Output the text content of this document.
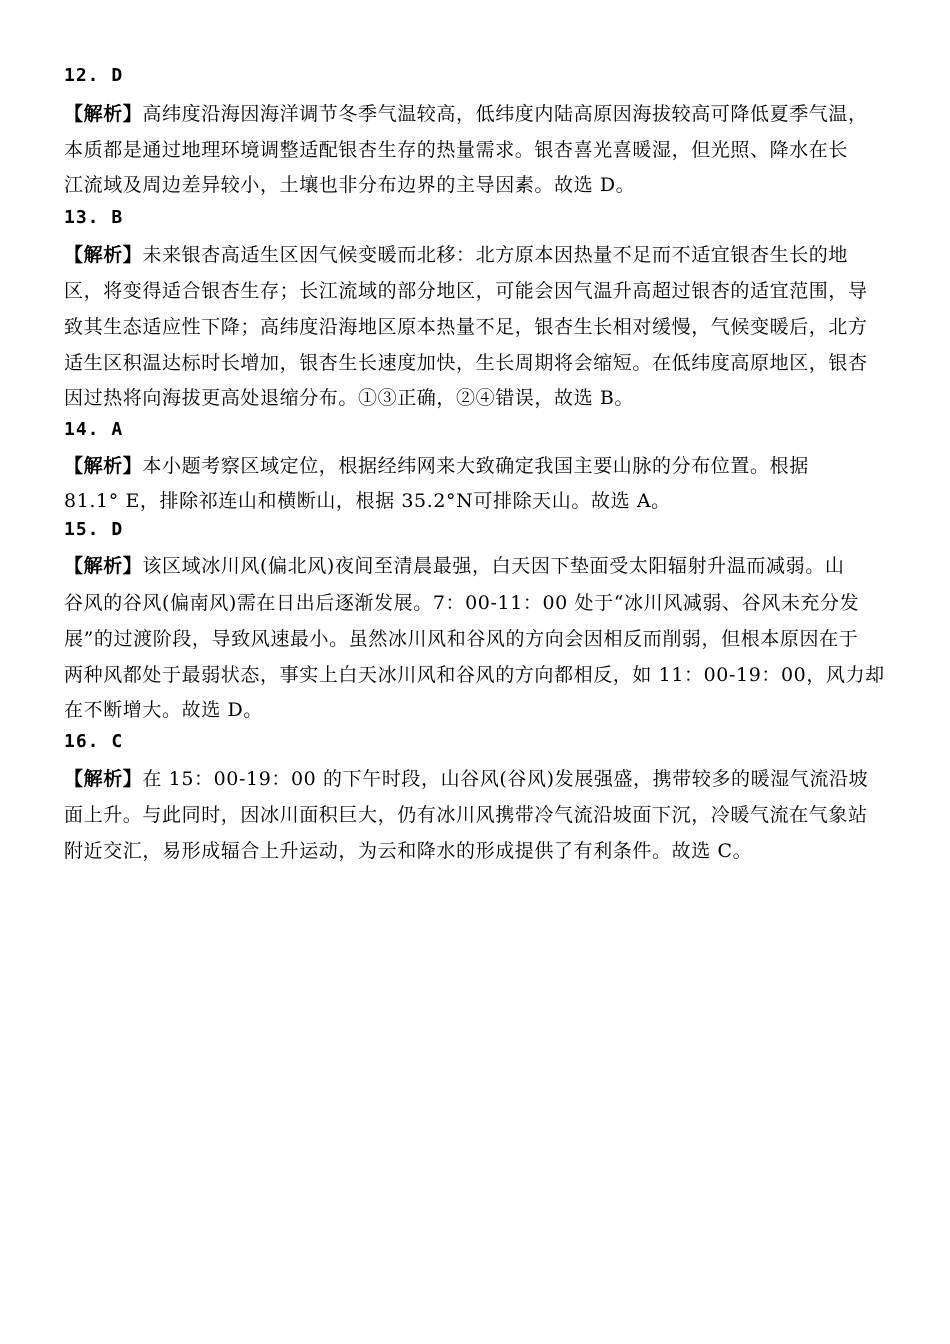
12. D
【解析】高纬度沿海因海洋调节冬季气温较高，低纬度内陆高原因海拔较高可降低夏季气温，
本质都是通过地理环境调整适配银杏生存的热量需求。银杏喜光喜暖湿，但光照、降水在长
江流域及周边差异较小，土壤也非分布边界的主导因素。故选 D。
13. B
【解析】未来银杏高适生区因气候变暖而北移：北方原本因热量不足而不适宜银杏生长的地
区，将变得适合银杏生存；长江流域的部分地区，可能会因气温升高超过银杏的适宜范围，导
致其生态适应性下降；高纬度沿海地区原本热量不足，银杏生长相对缓慢，气候变暖后，北方
适生区积温达标时长增加，银杏生长速度加快，生长周期将会缩短。在低纬度高原地区，银杏
因过热将向海拔更高处退缩分布。①③正确，②④错误，故选 B。
14. A
【解析】本小题考察区域定位，根据经纬网来大致确定我国主要山脉的分布位置。根据
81.1° E，排除祁连山和横断山，根据 35.2°N可排除天山。故选 A。
15. D
【解析】该区域冰川风(偏北风)夜间至清晨最强，白天因下垫面受太阳辐射升温而减弱。山
谷风的谷风(偏南风)需在日出后逐渐发展。7：00-11：00 处于“冰川风减弱、谷风未充分发
展”的过渡阶段，导致风速最小。虽然冰川风和谷风的方向会因相反而削弱，但根本原因在于
两种风都处于最弱状态，事实上白天冰川风和谷风的方向都相反，如 11：00-19：00，风力却
在不断增大。故选 D。
16. C
【解析】在 15：00-19：00 的下午时段，山谷风(谷风)发展强盛，携带较多的暖湿气流沿坡
面上升。与此同时，因冰川面积巨大，仍有冰川风携带冷气流沿坡面下沉，冷暖气流在气象站
附近交汇，易形成辐合上升运动，为云和降水的形成提供了有利条件。故选 C。
